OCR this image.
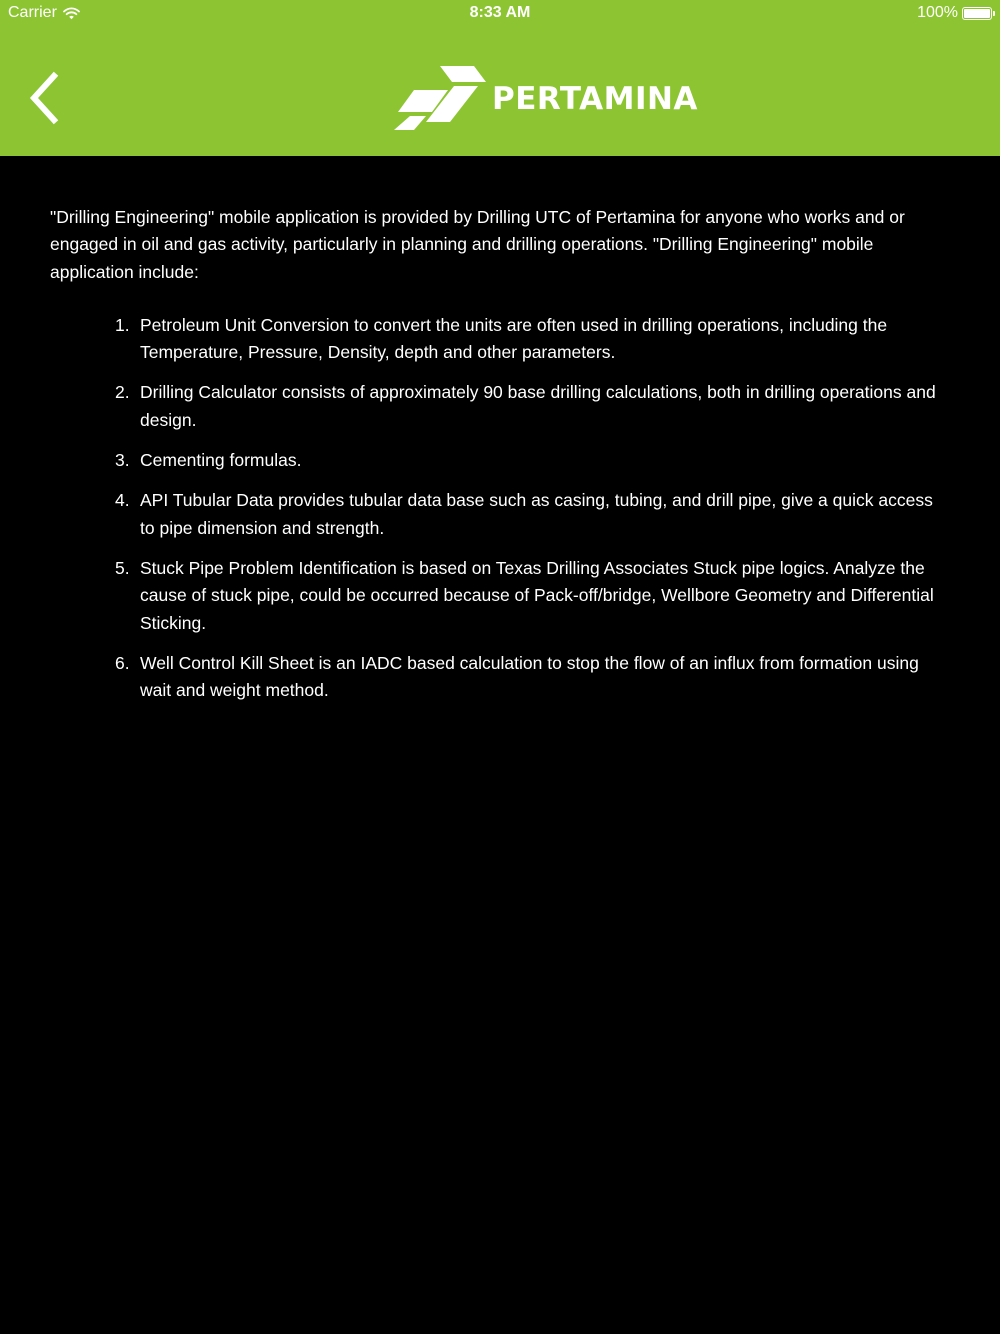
Carrier	8:33 AM	100%
PERTAMINA

"Drilling Engineering" mobile application is provided by Drilling UTC of Pertamina for anyone who works and or engaged in oil and gas activity, particularly in planning and drilling operations. "Drilling Engineering" mobile application include:

1. Petroleum Unit Conversion to convert the units are often used in drilling operations, including the Temperature, Pressure, Density, depth and other parameters.
2. Drilling Calculator consists of approximately 90 base drilling calculations, both in drilling operations and design.
3. Cementing formulas.
4. API Tubular Data provides tubular data base such as casing, tubing, and drill pipe, give a quick access to pipe dimension and strength.
5. Stuck Pipe Problem Identification is based on Texas Drilling Associates Stuck pipe logics. Analyze the cause of stuck pipe, could be occurred because of Pack-off/bridge, Wellbore Geometry and Differential Sticking.
6. Well Control Kill Sheet is an IADC based calculation to stop the flow of an influx from formation using wait and weight method.
